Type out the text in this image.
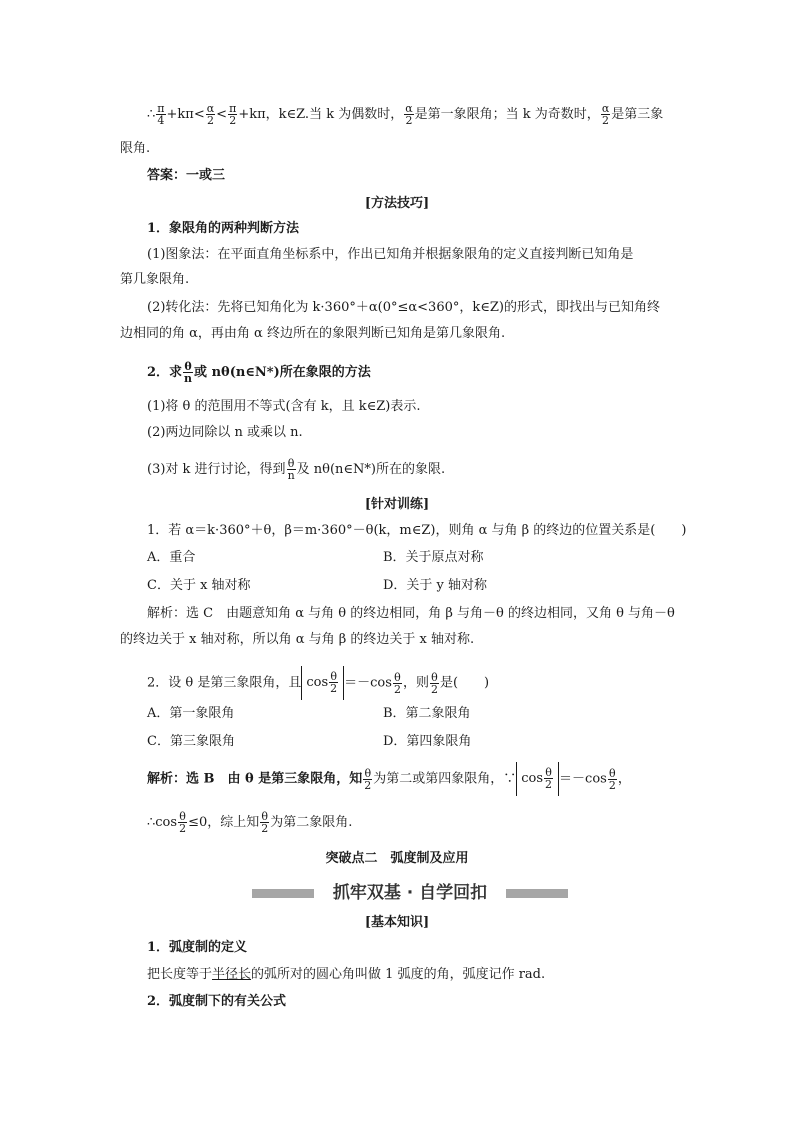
∴ $\frac{\pi}{4} +k\pi< \frac{\alpha}{2} < \frac{\pi}{2} +k\pi$，k∈Z.当 k 为偶数时， $\frac{\alpha}{2}$ 是第一象限角；当 k 为奇数时， $\frac{\alpha}{2}$ 是第三象
限角.
答案：一或三
[方法技巧]
1．象限角的两种判断方法
(1)图象法：在平面直角坐标系中，作出已知角并根据象限角的定义直接判断已知角是
第几象限角.
(2)转化法：先将已知角化为 k·360°＋α(0°≤α<360°，k∈Z)的形式，即找出与已知角终
边相同的角 α，再由角 α 终边所在的象限判断已知角是第几象限角.
2．求 $\frac{\theta}{n}$ 或 nθ(n∈N*)所在象限的方法
(1)将 θ 的范围用不等式(含有 k，且 k∈Z)表示.
(2)两边同除以 n 或乘以 n.
(3)对 k 进行讨论，得到 $\frac{\theta}{n}$ 及 nθ(n∈N*)所在的象限.
[针对训练]
1．若 α＝k·360°＋θ，β＝m·360°－θ(k，m∈Z)，则角 α 与角 β 的终边的位置关系是(　　)
A．重合	B．关于原点对称
C．关于 x 轴对称	D．关于 y 轴对称
解析：选 C　由题意知角 α 与角 θ 的终边相同，角 β 与角－θ 的终边相同，又角 θ 与角－θ
的终边关于 x 轴对称，所以角 α 与角 β 的终边关于 x 轴对称.
2．设 θ 是第三象限角，且 $\cos \frac{\theta}{2} =-\cos \frac{\theta}{2}$ ，则 $\frac{\theta}{2}$ 是(　　)
A．第一象限角	B．第二象限角
C．第三象限角	D．第四象限角
解析：选 B　由 θ 是第三象限角，知 $\frac{\theta}{2}$ 为第二或第四象限角，∵ $\cos \frac{\theta}{2} =-\cos \frac{\theta}{2}$ ，
∴cos $\frac{\theta}{2} \le 0$，综上知 $\frac{\theta}{2}$ 为第二象限角.
突破点二　弧度制及应用
抓牢双基 · 自学回扣
[基本知识]
1．弧度制的定义
把长度等于半径长的弧所对的圆心角叫做 1 弧度的角，弧度记作 rad.
2．弧度制下的有关公式
